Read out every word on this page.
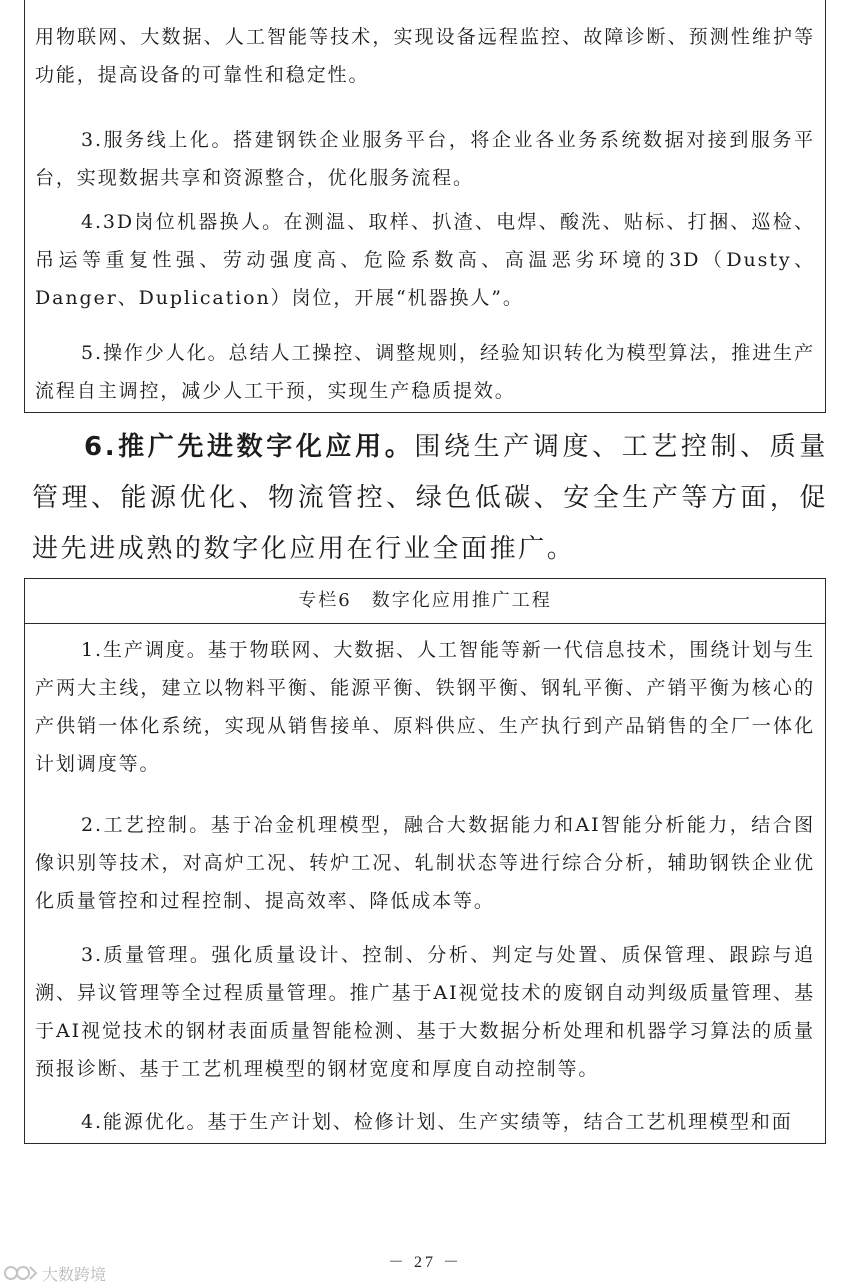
用物联网、大数据、人工智能等技术，实现设备远程监控、故障诊断、预测性维护等功能，提高设备的可靠性和稳定性。

3.服务线上化。搭建钢铁企业服务平台，将企业各业务系统数据对接到服务平台，实现数据共享和资源整合，优化服务流程。

4.3D岗位机器换人。在测温、取样、扒渣、电焊、酸洗、贴标、打捆、巡检、吊运等重复性强、劳动强度高、危险系数高、高温恶劣环境的3D（Dusty、Danger、Duplication）岗位，开展“机器换人”。

5.操作少人化。总结人工操控、调整规则，经验知识转化为模型算法，推进生产流程自主调控，减少人工干预，实现生产稳质提效。

6.推广先进数字化应用。围绕生产调度、工艺控制、质量管理、能源优化、物流管控、绿色低碳、安全生产等方面，促进先进成熟的数字化应用在行业全面推广。

专栏6　数字化应用推广工程

1.生产调度。基于物联网、大数据、人工智能等新一代信息技术，围绕计划与生产两大主线，建立以物料平衡、能源平衡、铁钢平衡、钢轧平衡、产销平衡为核心的产供销一体化系统，实现从销售接单、原料供应、生产执行到产品销售的全厂一体化计划调度等。

2.工艺控制。基于冶金机理模型，融合大数据能力和AI智能分析能力，结合图像识别等技术，对高炉工况、转炉工况、轧制状态等进行综合分析，辅助钢铁企业优化质量管控和过程控制、提高效率、降低成本等。

3.质量管理。强化质量设计、控制、分析、判定与处置、质保管理、跟踪与追溯、异议管理等全过程质量管理。推广基于AI视觉技术的废钢自动判级质量管理、基于AI视觉技术的钢材表面质量智能检测、基于大数据分析处理和机器学习算法的质量预报诊断、基于工艺机理模型的钢材宽度和厚度自动控制等。

4.能源优化。基于生产计划、检修计划、生产实绩等，结合工艺机理模型和面

－ 27 －
大数跨境
